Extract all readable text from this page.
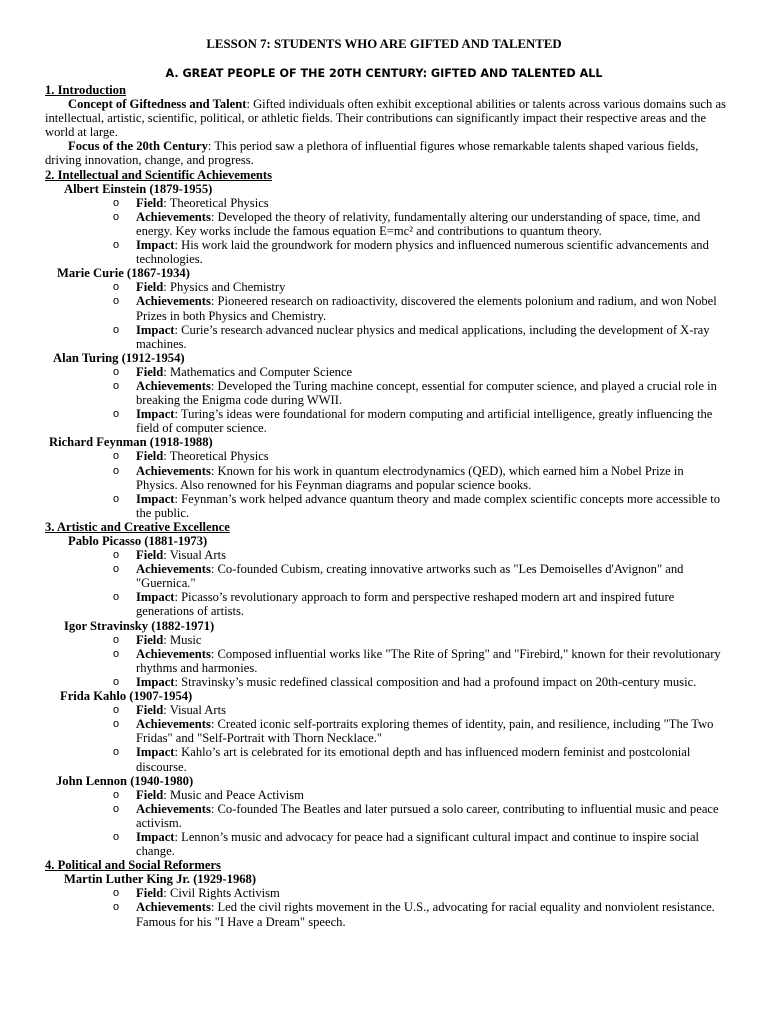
LESSON 7: STUDENTS WHO ARE GIFTED AND TALENTED
A. GREAT PEOPLE OF THE 20TH CENTURY: GIFTED AND TALENTED ALL
1. Introduction

Concept of Giftedness and Talent: Gifted individuals often exhibit exceptional abilities or talents across various domains such as intellectual, artistic, scientific, political, or athletic fields. Their contributions can significantly impact their respective areas and the world at large.

Focus of the 20th Century: This period saw a plethora of influential figures whose remarkable talents shaped various fields, driving innovation, change, and progress.

2. Intellectual and Scientific Achievements
Albert Einstein (1879-1955)
o Field: Theoretical Physics
o Achievements: Developed the theory of relativity, fundamentally altering our understanding of space, time, and energy. Key works include the famous equation E=mc² and contributions to quantum theory.
o Impact: His work laid the groundwork for modern physics and influenced numerous scientific advancements and technologies.
Marie Curie (1867-1934)
o Field: Physics and Chemistry
o Achievements: Pioneered research on radioactivity, discovered the elements polonium and radium, and won Nobel Prizes in both Physics and Chemistry.
o Impact: Curie’s research advanced nuclear physics and medical applications, including the development of X-ray machines.
Alan Turing (1912-1954)
o Field: Mathematics and Computer Science
o Achievements: Developed the Turing machine concept, essential for computer science, and played a crucial role in breaking the Enigma code during WWII.
o Impact: Turing’s ideas were foundational for modern computing and artificial intelligence, greatly influencing the field of computer science.
Richard Feynman (1918-1988)
o Field: Theoretical Physics
o Achievements: Known for his work in quantum electrodynamics (QED), which earned him a Nobel Prize in Physics. Also renowned for his Feynman diagrams and popular science books.
o Impact: Feynman’s work helped advance quantum theory and made complex scientific concepts more accessible to the public.
3. Artistic and Creative Excellence
Pablo Picasso (1881-1973)
o Field: Visual Arts
o Achievements: Co-founded Cubism, creating innovative artworks such as "Les Demoiselles d'Avignon" and "Guernica."
o Impact: Picasso’s revolutionary approach to form and perspective reshaped modern art and inspired future generations of artists.
Igor Stravinsky (1882-1971)
o Field: Music
o Achievements: Composed influential works like "The Rite of Spring" and "Firebird," known for their revolutionary rhythms and harmonies.
o Impact: Stravinsky’s music redefined classical composition and had a profound impact on 20th-century music.
Frida Kahlo (1907-1954)
o Field: Visual Arts
o Achievements: Created iconic self-portraits exploring themes of identity, pain, and resilience, including "The Two Fridas" and "Self-Portrait with Thorn Necklace."
o Impact: Kahlo’s art is celebrated for its emotional depth and has influenced modern feminist and postcolonial discourse.
John Lennon (1940-1980)
o Field: Music and Peace Activism
o Achievements: Co-founded The Beatles and later pursued a solo career, contributing to influential music and peace activism.
o Impact: Lennon’s music and advocacy for peace had a significant cultural impact and continue to inspire social change.
4. Political and Social Reformers
Martin Luther King Jr. (1929-1968)
o Field: Civil Rights Activism
o Achievements: Led the civil rights movement in the U.S., advocating for racial equality and nonviolent resistance. Famous for his "I Have a Dream" speech.
